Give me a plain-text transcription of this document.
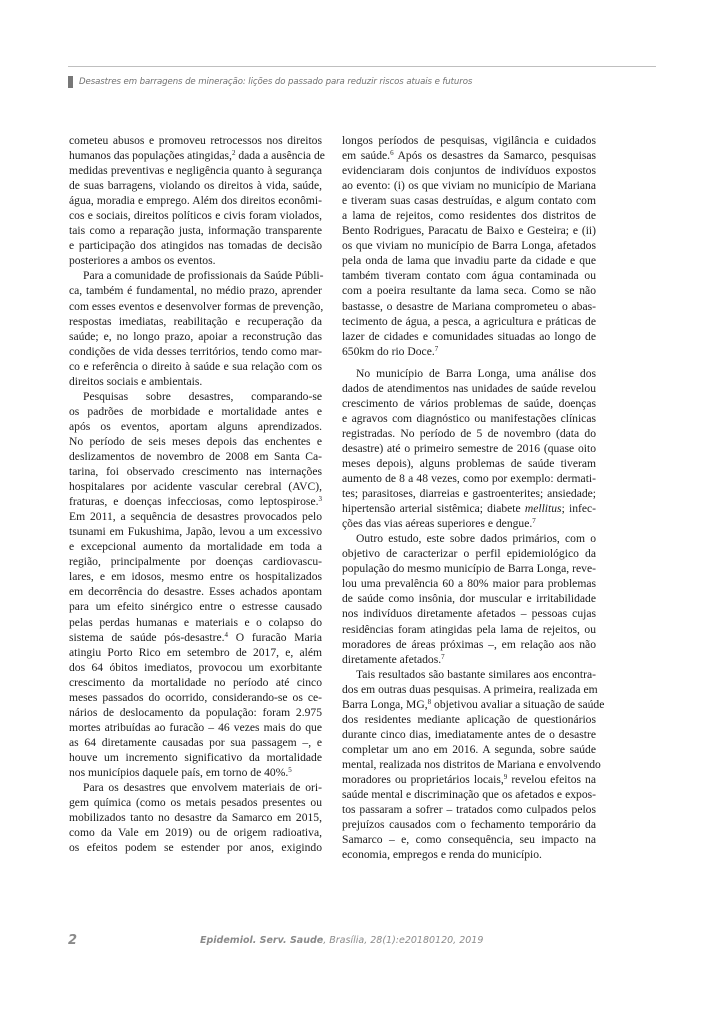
Desastres em barragens de mineração: lições do passado para reduzir riscos atuais e futuros

cometeu abusos e promoveu retrocessos nos direitos

humanos das populações atingidas,$^2$ dada a ausência de

medidas preventivas e negligência quanto à segurança

de suas barragens, violando os direitos à vida, saúde,

água, moradia e emprego. Além dos direitos econômi-

cos e sociais, direitos políticos e civis foram violados,

tais como a reparação justa, informação transparente

e participação dos atingidos nas tomadas de decisão

posteriores a ambos os eventos.

Para a comunidade de profissionais da Saúde Públi-

ca, também é fundamental, no médio prazo, aprender

com esses eventos e desenvolver formas de prevenção,

respostas imediatas, reabilitação e recuperação da

saúde; e, no longo prazo, apoiar a reconstrução das

condições de vida desses territórios, tendo como mar-

co e referência o direito à saúde e sua relação com os

direitos sociais e ambientais.

Pesquisas sobre desastres, comparando-se

os padrões de morbidade e mortalidade antes e

após os eventos, aportam alguns aprendizados.

No período de seis meses depois das enchentes e

deslizamentos de novembro de 2008 em Santa Ca-

tarina, foi observado crescimento nas internações

hospitalares por acidente vascular cerebral (AVC),

fraturas, e doenças infecciosas, como leptospirose.$^3$

Em 2011, a sequência de desastres provocados pelo

tsunami em Fukushima, Japão, levou a um excessivo

e excepcional aumento da mortalidade em toda a

região, principalmente por doenças cardiovascu-

lares, e em idosos, mesmo entre os hospitalizados

em decorrência do desastre. Esses achados apontam

para um efeito sinérgico entre o estresse causado

pelas perdas humanas e materiais e o colapso do

sistema de saúde pós-desastre.$^4$ O furacão Maria

atingiu Porto Rico em setembro de 2017, e, além

dos 64 óbitos imediatos, provocou um exorbitante

crescimento da mortalidade no período até cinco

meses passados do ocorrido, considerando-se os ce-

nários de deslocamento da população: foram 2.975

mortes atribuídas ao furacão – 46 vezes mais do que

as 64 diretamente causadas por sua passagem –, e

houve um incremento significativo da mortalidade

nos municípios daquele país, em torno de 40%.$^5$

Para os desastres que envolvem materiais de ori-

gem química (como os metais pesados presentes ou

mobilizados tanto no desastre da Samarco em 2015,

como da Vale em 2019) ou de origem radioativa,

os efeitos podem se estender por anos, exigindo

longos períodos de pesquisas, vigilância e cuidados

em saúde.$^6$ Após os desastres da Samarco, pesquisas

evidenciaram dois conjuntos de indivíduos expostos

ao evento: (i) os que viviam no município de Mariana

e tiveram suas casas destruídas, e algum contato com

a lama de rejeitos, como residentes dos distritos de

Bento Rodrigues, Paracatu de Baixo e Gesteira; e (ii)

os que viviam no município de Barra Longa, afetados

pela onda de lama que invadiu parte da cidade e que

também tiveram contato com água contaminada ou

com a poeira resultante da lama seca. Como se não

bastasse, o desastre de Mariana comprometeu o abas-

tecimento de água, a pesca, a agricultura e práticas de

lazer de cidades e comunidades situadas ao longo de

650km do rio Doce.$^7$

No município de Barra Longa, uma análise dos

dados de atendimentos nas unidades de saúde revelou

crescimento de vários problemas de saúde, doenças

e agravos com diagnóstico ou manifestações clínicas

registradas. No período de 5 de novembro (data do

desastre) até o primeiro semestre de 2016 (quase oito

meses depois), alguns problemas de saúde tiveram

aumento de 8 a 48 vezes, como por exemplo: dermati-

tes; parasitoses, diarreias e gastroenterites; ansiedade;

hipertensão arterial sistêmica; diabete mellitus; infec-

ções das vias aéreas superiores e dengue.$^7$

Outro estudo, este sobre dados primários, com o

objetivo de caracterizar o perfil epidemiológico da

população do mesmo município de Barra Longa, reve-

lou uma prevalência 60 a 80% maior para problemas

de saúde como insônia, dor muscular e irritabilidade

nos indivíduos diretamente afetados – pessoas cujas

residências foram atingidas pela lama de rejeitos, ou

moradores de áreas próximas –, em relação aos não

diretamente afetados.$^7$

Tais resultados são bastante similares aos encontra-

dos em outras duas pesquisas. A primeira, realizada em

Barra Longa, MG,$^8$ objetivou avaliar a situação de saúde

dos residentes mediante aplicação de questionários

durante cinco dias, imediatamente antes de o desastre

completar um ano em 2016. A segunda, sobre saúde

mental, realizada nos distritos de Mariana e envolvendo

moradores ou proprietários locais,$^9$ revelou efeitos na

saúde mental e discriminação que os afetados e expos-

tos passaram a sofrer – tratados como culpados pelos

prejuízos causados com o fechamento temporário da

Samarco – e, como consequência, seu impacto na

economia, empregos e renda do município.

2	Epidemiol. Serv. Saude, Brasília, 28(1):e20180120, 2019
